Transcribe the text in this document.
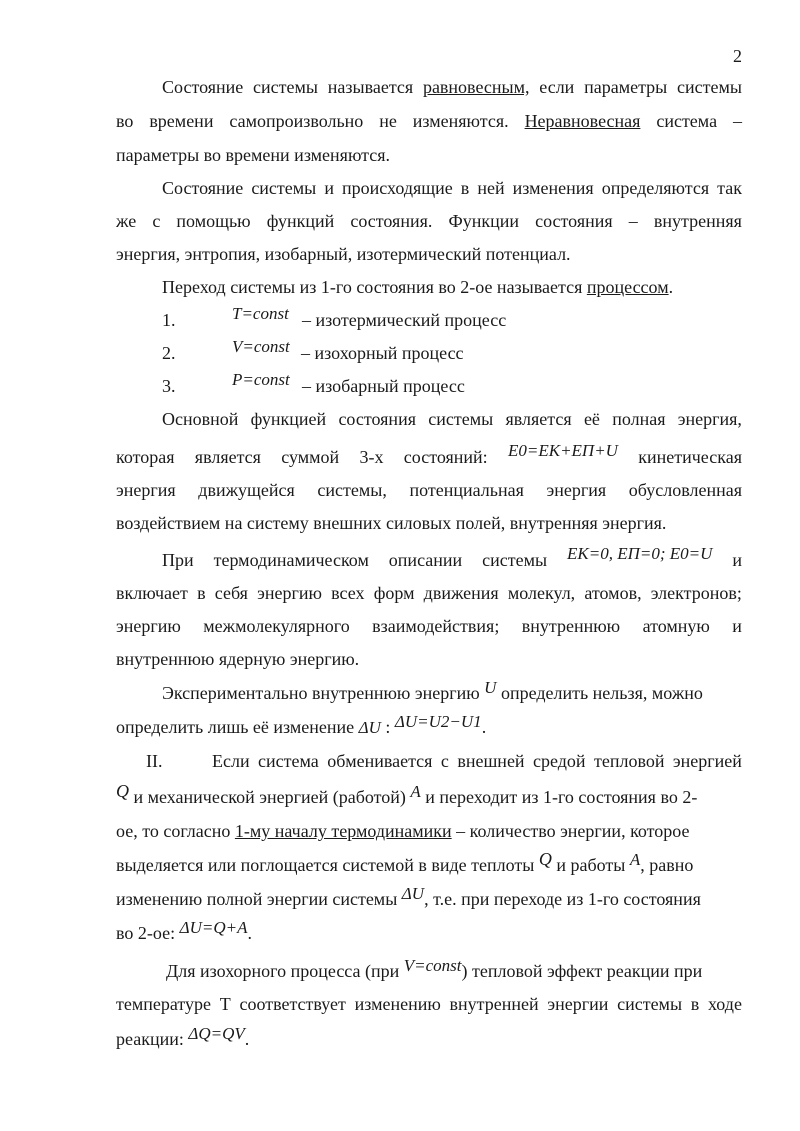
2
Состояние системы называется равновесным, если параметры системы
во времени самопроизвольно не изменяются. Неравновесная система –
параметры во времени изменяются.
Состояние системы и происходящие в ней изменения определяются так
же с помощью функций состояния. Функции состояния – внутренняя
энергия, энтропия, изобарный, изотермический потенциал.
Переход системы из 1-го состояния во 2-ое называется процессом.
1.	T=const – изотермический процесс
2.	V=const – изохорный процесс
3.	P=const – изобарный процесс
Основной функцией состояния системы является её полная энергия,
которая является суммой 3-х состояний: E0=EK+EП+U кинетическая
энергия движущейся системы, потенциальная энергия обусловленная
воздействием на систему внешних силовых полей, внутренняя энергия.
При термодинамическом описании системы EK=0, EП=0; E0=U и
включает в себя энергию всех форм движения молекул, атомов, электронов;
энергию межмолекулярного взаимодействия; внутреннюю атомную и
внутреннюю ядерную энергию.
Экспериментально внутреннюю энергию U определить нельзя, можно
определить лишь её изменение ΔU : ΔU=U2−U1.
II.	Если система обменивается с внешней средой тепловой энергией
Q и механической энергией (работой) A и переходит из 1-го состояния во 2-
ое, то согласно 1-му началу термодинамики – количество энергии, которое
выделяется или поглощается системой в виде теплоты Q и работы A, равно
изменению полной энергии системы ΔU, т.е. при переходе из 1-го состояния
во 2-ое: ΔU=Q+A.
Для изохорного процесса (при V=const) тепловой эффект реакции при
температуре Т соответствует изменению внутренней энергии системы в ходе
реакции: ΔQ=QV.
